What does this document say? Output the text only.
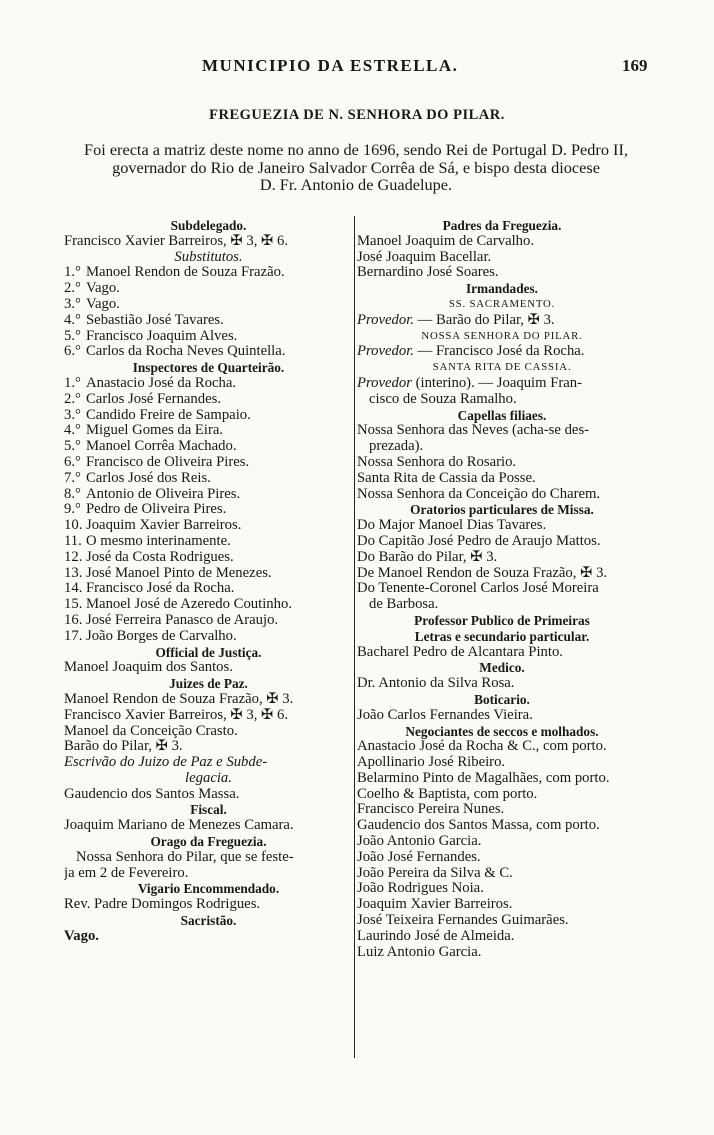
MUNICIPIO DA ESTRELLA.	169
FREGUEZIA DE N. SENHORA DO PILAR.

Foi erecta a matriz deste nome no anno de 1696, sendo Rei de Portugal D. Pedro II,

governador do Rio de Janeiro Salvador Corrêa de Sá, e bispo desta diocese

D. Fr. Antonio de Guadelupe.

Subdelegado.
Francisco Xavier Barreiros, ✠ 3, ✠ 6.
Substitutos.
1.° Manoel Rendon de Souza Frazão.
2.° Vago.
3.° Vago.
4.° Sebastião José Tavares.
5.° Francisco Joaquim Alves.
6.° Carlos da Rocha Neves Quintella.
Inspectores de Quarteirão.
1.° Anastacio José da Rocha.
2.° Carlos José Fernandes.
3.° Candido Freire de Sampaio.
4.° Miguel Gomes da Eira.
5.° Manoel Corrêa Machado.
6.° Francisco de Oliveira Pires.
7.° Carlos José dos Reis.
8.° Antonio de Oliveira Pires.
9.° Pedro de Oliveira Pires.
10. Joaquim Xavier Barreiros.
11. O mesmo interinamente.
12. José da Costa Rodrigues.
13. José Manoel Pinto de Menezes.
14. Francisco José da Rocha.
15. Manoel José de Azeredo Coutinho.
16. José Ferreira Panasco de Araujo.
17. João Borges de Carvalho.
Official de Justiça.
Manoel Joaquim dos Santos.
Juizes de Paz.
Manoel Rendon de Souza Frazão, ✠ 3.
Francisco Xavier Barreiros, ✠ 3, ✠ 6.
Manoel da Conceição Crasto.
Barão do Pilar, ✠ 3.
Escrivão do Juizo de Paz e Subde-
legacia.
Gaudencio dos Santos Massa.
Fiscal.
Joaquim Mariano de Menezes Camara.
Orago da Freguezia.
Nossa Senhora do Pilar, que se feste-
ja em 2 de Fevereiro.
Vigario Encommendado.
Rev. Padre Domingos Rodrigues.
Sacristão.
Vago.
Padres da Freguezia.
Manoel Joaquim de Carvalho.
José Joaquim Bacellar.
Bernardino José Soares.
Irmandades.
SS. SACRAMENTO.
Provedor. — Barão do Pilar, ✠ 3.
NOSSA SENHORA DO PILAR.
Provedor. — Francisco José da Rocha.
SANTA RITA DE CASSIA.
Provedor (interino). — Joaquim Fran-
cisco de Souza Ramalho.
Capellas filiaes.
Nossa Senhora das Neves (acha-se des-
prezada).
Nossa Senhora do Rosario.
Santa Rita de Cassia da Posse.
Nossa Senhora da Conceição do Charem.
Oratorios particulares de Missa.
Do Major Manoel Dias Tavares.
Do Capitão José Pedro de Araujo Mattos.
Do Barão do Pilar, ✠ 3.
De Manoel Rendon de Souza Frazão, ✠ 3.
Do Tenente-Coronel Carlos José Moreira
de Barbosa.
Professor Publico de Primeiras
Letras e secundario particular.
Bacharel Pedro de Alcantara Pinto.
Medico.
Dr. Antonio da Silva Rosa.
Boticario.
João Carlos Fernandes Vieira.
Negociantes de seccos e molhados.
Anastacio José da Rocha & C., com porto.
Apollinario José Ribeiro.
Belarmino Pinto de Magalhães, com porto.
Coelho & Baptista, com porto.
Francisco Pereira Nunes.
Gaudencio dos Santos Massa, com porto.
João Antonio Garcia.
João José Fernandes.
João Pereira da Silva & C.
João Rodrigues Noia.
Joaquim Xavier Barreiros.
José Teixeira Fernandes Guimarães.
Laurindo José de Almeida.
Luiz Antonio Garcia.
